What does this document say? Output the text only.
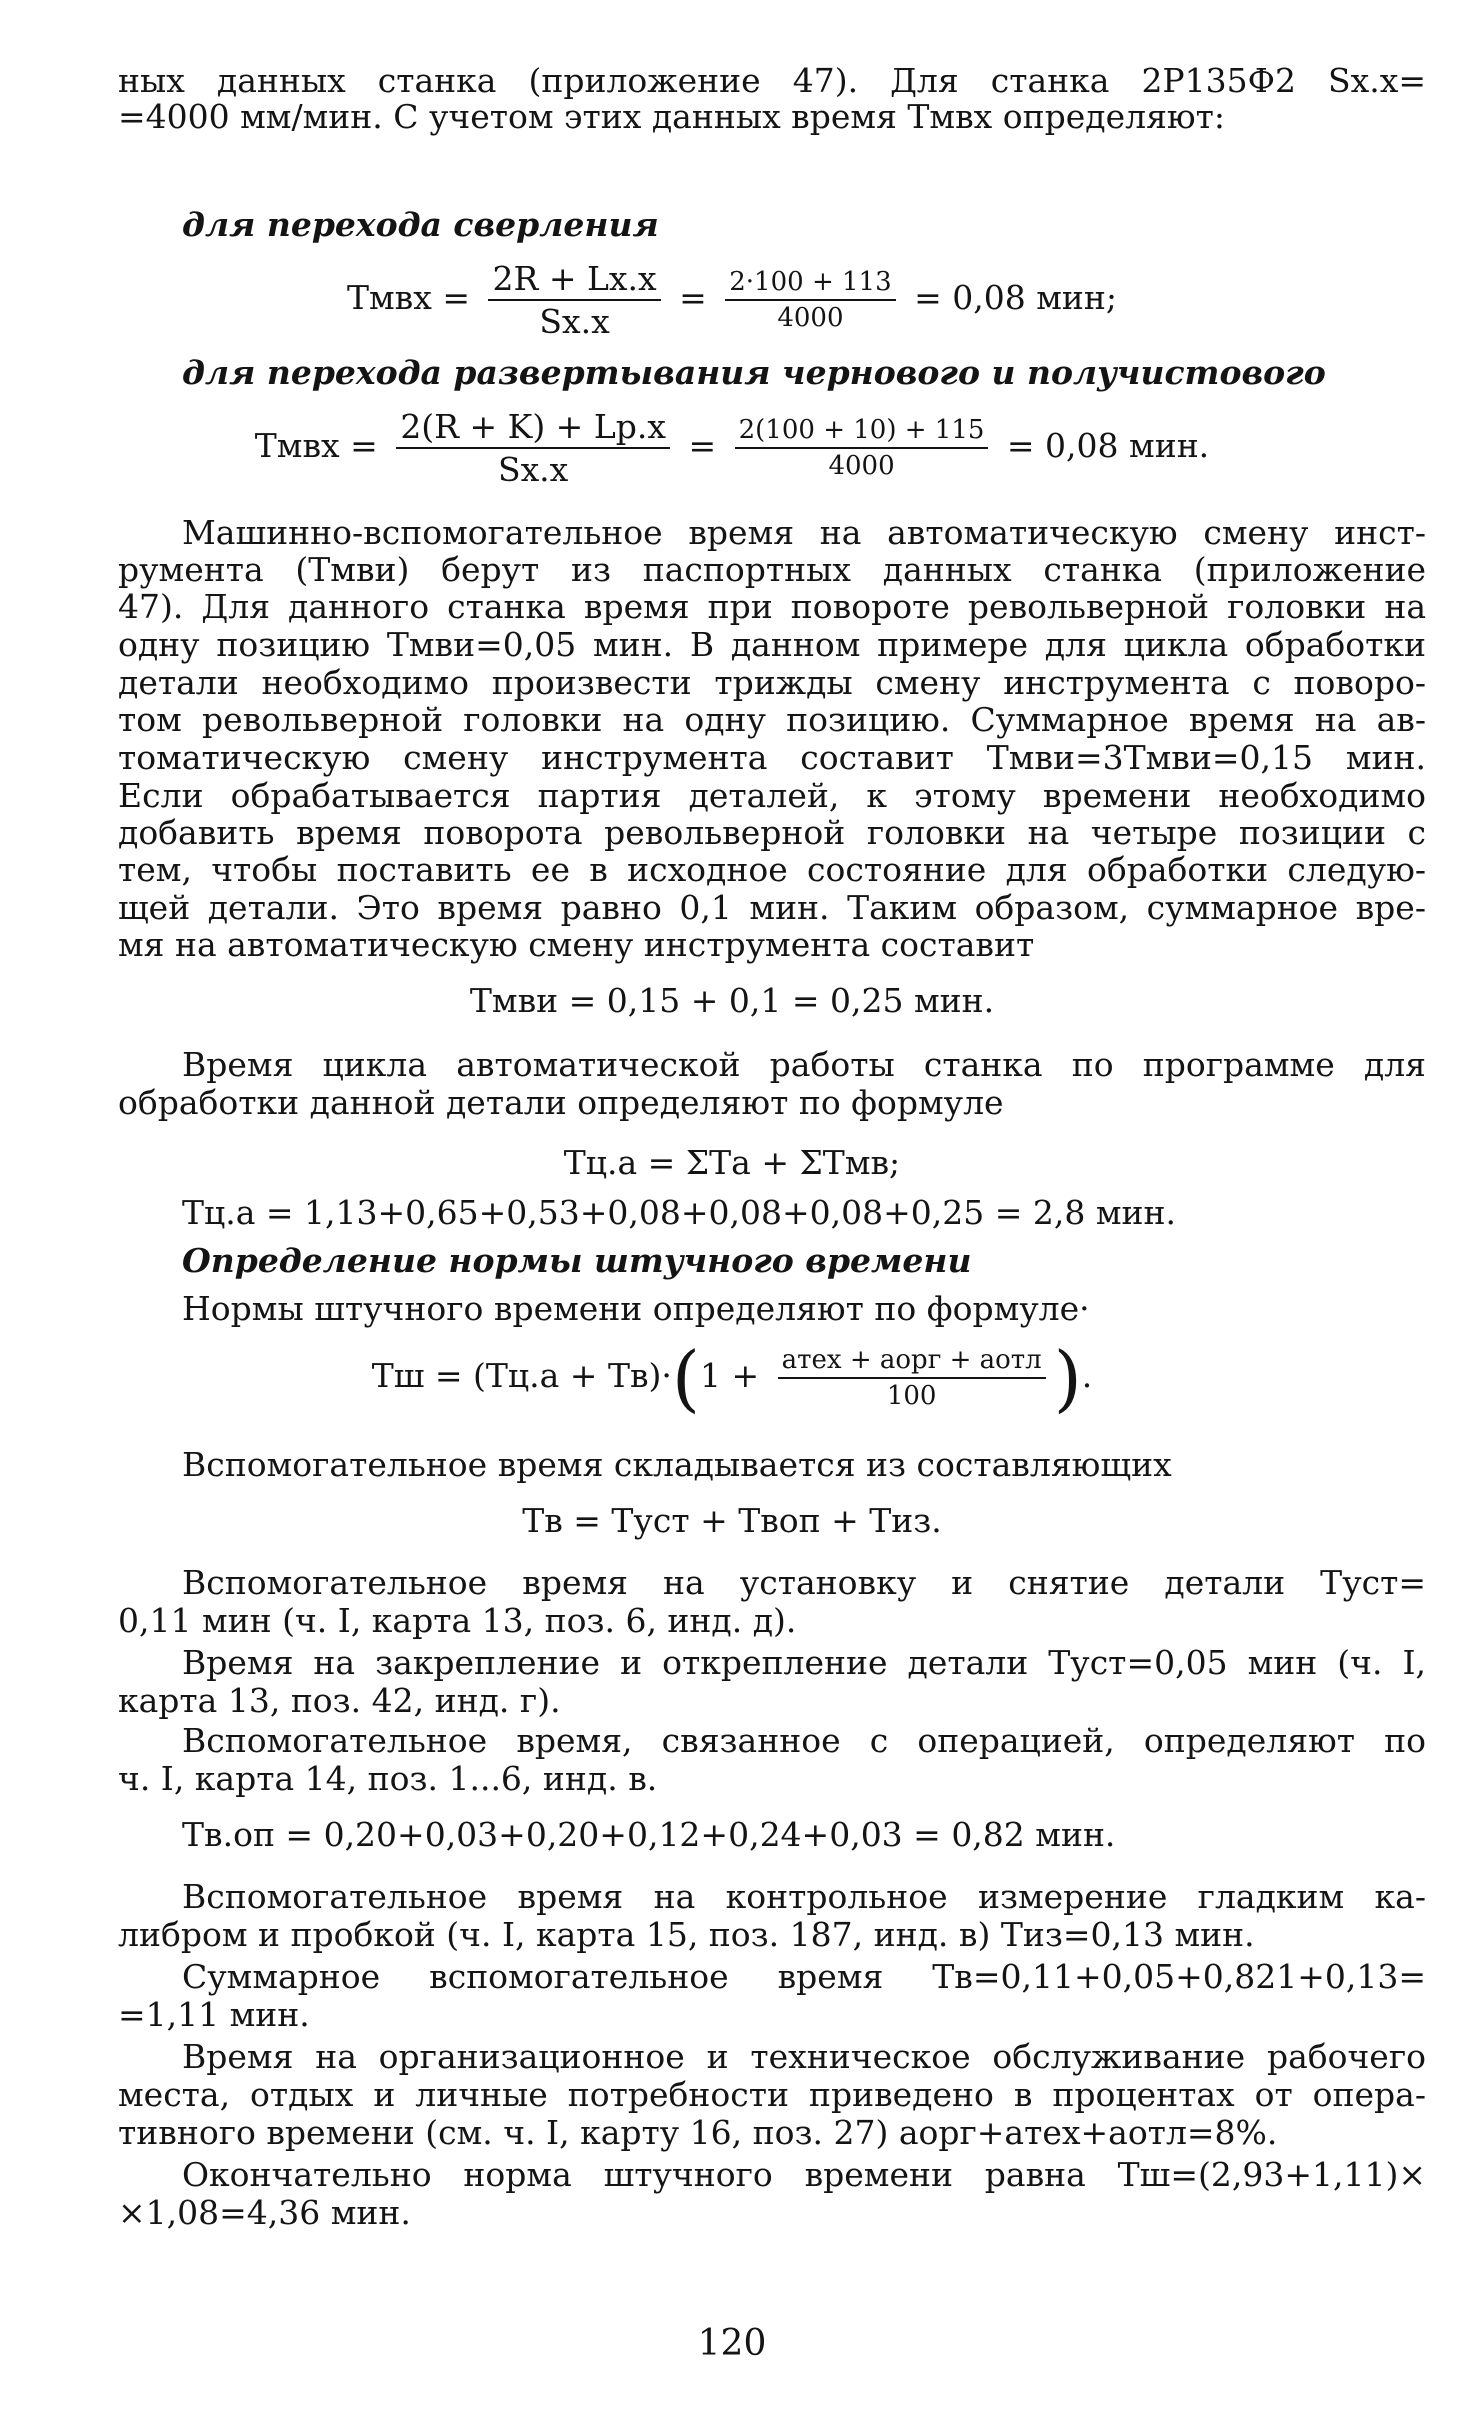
ных данных станка (приложение 47). Для станка 2Р135Ф2 Sх.х=
=4000 мм/мин. С учетом этих данных время Тмвх определяют:
для перехода сверления
Тмвх = $\frac{2R + Lх.х}{Sх.х} = \frac{2\cdot 100 + 113}{4000} = 0,08$ мин;
для перехода развертывания чернового и получистового
Тмвх = $\frac{2(R + K) + Lр.х}{Sх.х} = \frac{2(100 + 10) + 115}{4000} = 0,08$ мин.
Машинно-вспомогательное время на автоматическую смену инст-
румента (Тмви) берут из паспортных данных станка (приложение
47). Для данного станка время при повороте револьверной головки на
одну позицию Тмви=0,05 мин. В данном примере для цикла обработки
детали необходимо произвести трижды смену инструмента с поворо-
том револьверной головки на одну позицию. Суммарное время на ав-
томатическую смену инструмента составит Тмви=3Тмви=0,15 мин.
Если обрабатывается партия деталей, к этому времени необходимо
добавить время поворота револьверной головки на четыре позиции с
тем, чтобы поставить ее в исходное состояние для обработки следую-
щей детали. Это время равно 0,1 мин. Таким образом, суммарное вре-
мя на автоматическую смену инструмента составит
Тмви = 0,15 + 0,1 = 0,25 мин.
Время цикла автоматической работы станка по программе для
обработки данной детали определяют по формуле
Тц.а = ΣТа + ΣТмв;
Тц.а = 1,13+0,65+0,53+0,08+0,08+0,08+0,25 = 2,8 мин.
Определение нормы штучного времени
Нормы штучного времени определяют по формуле·
Тш = $(Тц.а + Тв)\cdot(1 + \frac{\text{атех + аорг + аотл}}{100}$ ).
Вспомогательное время складывается из составляющих
Тв = Туст + Твоп + Тиз.
Вспомогательное время на установку и снятие детали Туст=
0,11 мин (ч. I, карта 13, поз. 6, инд. д).
Время на закрепление и открепление детали Туст=0,05 мин (ч. I,
карта 13, поз. 42, инд. г).
Вспомогательное время, связанное с операцией, определяют по
ч. I, карта 14, поз. 1...6, инд. в.
Тв.оп = 0,20+0,03+0,20+0,12+0,24+0,03 = 0,82 мин.
Вспомогательное время на контрольное измерение гладким ка-
либром и пробкой (ч. I, карта 15, поз. 187, инд. в) Тиз=0,13 мин.
Суммарное вспомогательное время Тв=0,11+0,05+0,821+0,13=
=1,11 мин.
Время на организационное и техническое обслуживание рабочего
места, отдых и личные потребности приведено в процентах от опера-
тивного времени (см. ч. I, карту 16, поз. 27) аорг+атех+аотл=8%.
Окончательно норма штучного времени равна Тш=(2,93+1,11)×
×1,08=4,36 мин.
120
